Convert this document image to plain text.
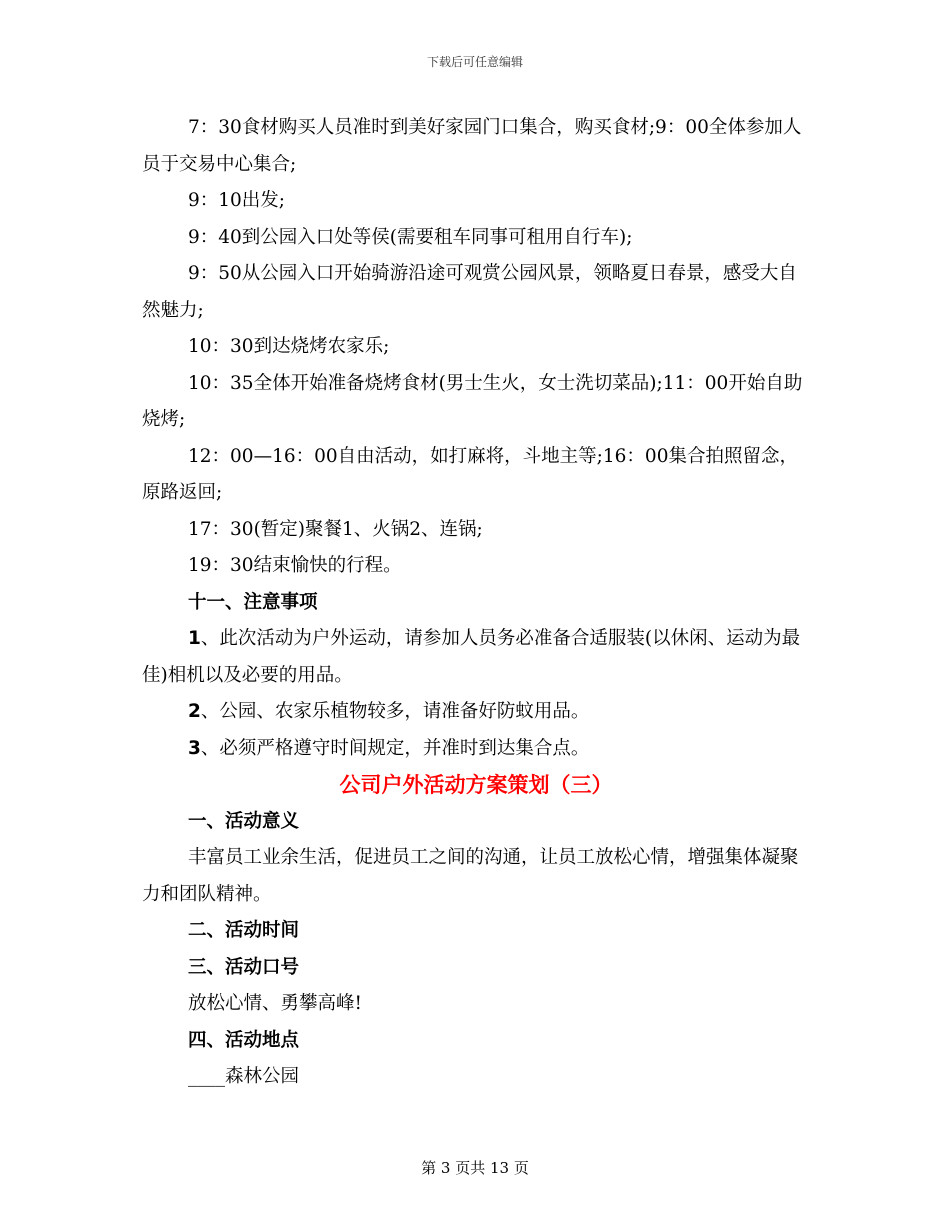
下载后可任意编辑

7：30食材购买人员准时到美好家园门口集合，购买食材;9：00全体参加人员于交易中心集合;

9：10出发;

9：40到公园入口处等侯(需要租车同事可租用自行车);

9：50从公园入口开始骑游沿途可观赏公园风景，领略夏日春景，感受大自然魅力;

10：30到达烧烤农家乐;

10：35全体开始准备烧烤食材(男士生火，女士洗切菜品);11：00开始自助烧烤;

12：00—16：00自由活动，如打麻将，斗地主等;16：00集合拍照留念，原路返回;

17：30(暂定)聚餐1、火锅2、连锅;

19：30结束愉快的行程。

十一、注意事项

1、此次活动为户外运动，请参加人员务必准备合适服装(以休闲、运动为最佳)相机以及必要的用品。

2、公园、农家乐植物较多，请准备好防蚊用品。

3、必须严格遵守时间规定，并准时到达集合点。

公司户外活动方案策划（三）

一、活动意义

丰富员工业余生活，促进员工之间的沟通，让员工放松心情，增强集体凝聚力和团队精神。

二、活动时间

三、活动口号

放松心情、勇攀高峰!

四、活动地点

____森林公园

第 3 页共 13 页
